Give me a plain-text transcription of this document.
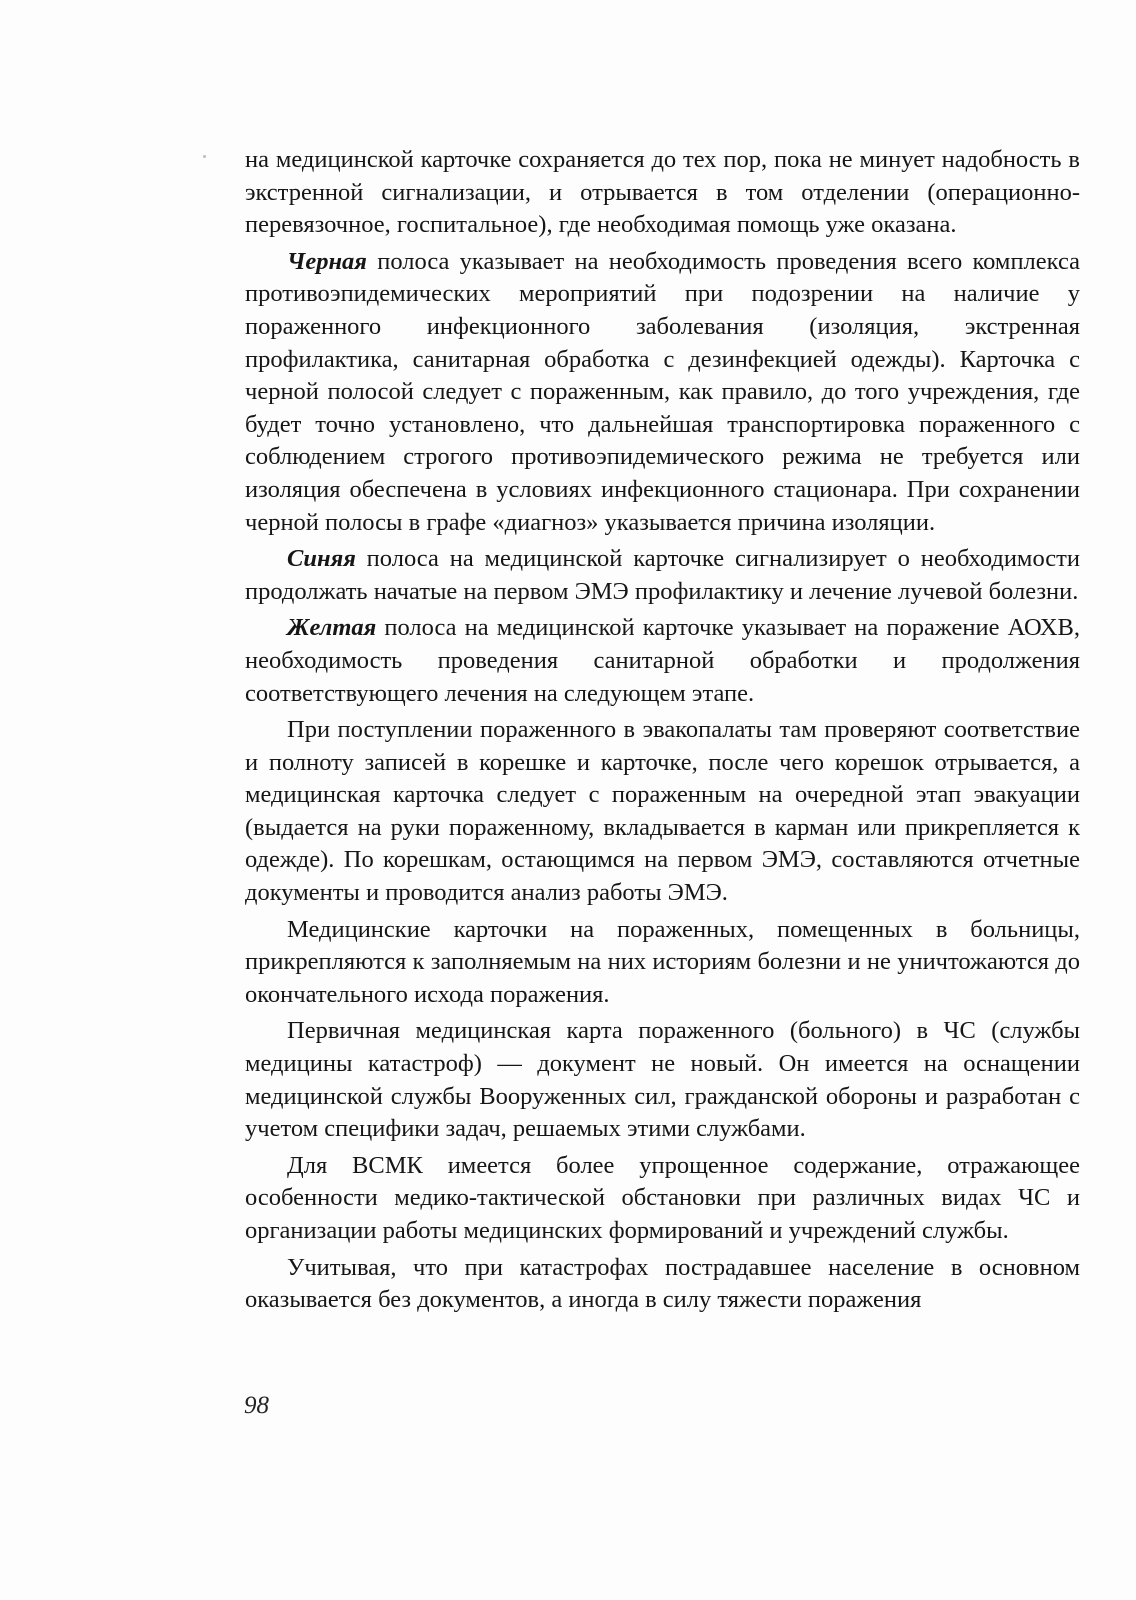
на медицинской карточке сохраняется до тех пор, пока не минует надобность в экстренной сигнализации, и отрывается в том отделении (операционно-перевязочное, госпитальное), где необходимая помощь уже оказана.

Черная полоса указывает на необходимость проведения всего комплекса противоэпидемических мероприятий при подозрении на наличие у пораженного инфекционного заболевания (изоляция, экстренная профилактика, санитарная обработка с дезинфекцией одежды). Карточка с черной полосой следует с пораженным, как правило, до того учреждения, где будет точно установлено, что дальнейшая транспортировка пораженного с соблюдением строгого противоэпидемического режима не требуется или изоляция обеспечена в условиях инфекционного стационара. При сохранении черной полосы в графе «диагноз» указывается причина изоляции.

Синяя полоса на медицинской карточке сигнализирует о необходимости продолжать начатые на первом ЭМЭ профилактику и лечение лучевой болезни.

Желтая полоса на медицинской карточке указывает на поражение АОХВ, необходимость проведения санитарной обработки и продолжения соответствующего лечения на следующем этапе.

При поступлении пораженного в эвакопалаты там проверяют соответствие и полноту записей в корешке и карточке, после чего корешок отрывается, а медицинская карточка следует с пораженным на очередной этап эвакуации (выдается на руки пораженному, вкладывается в карман или прикрепляется к одежде). По корешкам, остающимся на первом ЭМЭ, составляются отчетные документы и проводится анализ работы ЭМЭ.

Медицинские карточки на пораженных, помещенных в больницы, прикрепляются к заполняемым на них историям болезни и не уничтожаются до окончательного исхода поражения.

Первичная медицинская карта пораженного (больного) в ЧС (службы медицины катастроф) — документ не новый. Он имеется на оснащении медицинской службы Вооруженных сил, гражданской обороны и разработан с учетом специфики задач, решаемых этими службами.

Для ВСМК имеется более упрощенное содержание, отражающее особенности медико-тактической обстановки при различных видах ЧС и организации работы медицинских формирований и учреждений службы.

Учитывая, что при катастрофах пострадавшее население в основном оказывается без документов, а иногда в силу тяжести поражения

98
